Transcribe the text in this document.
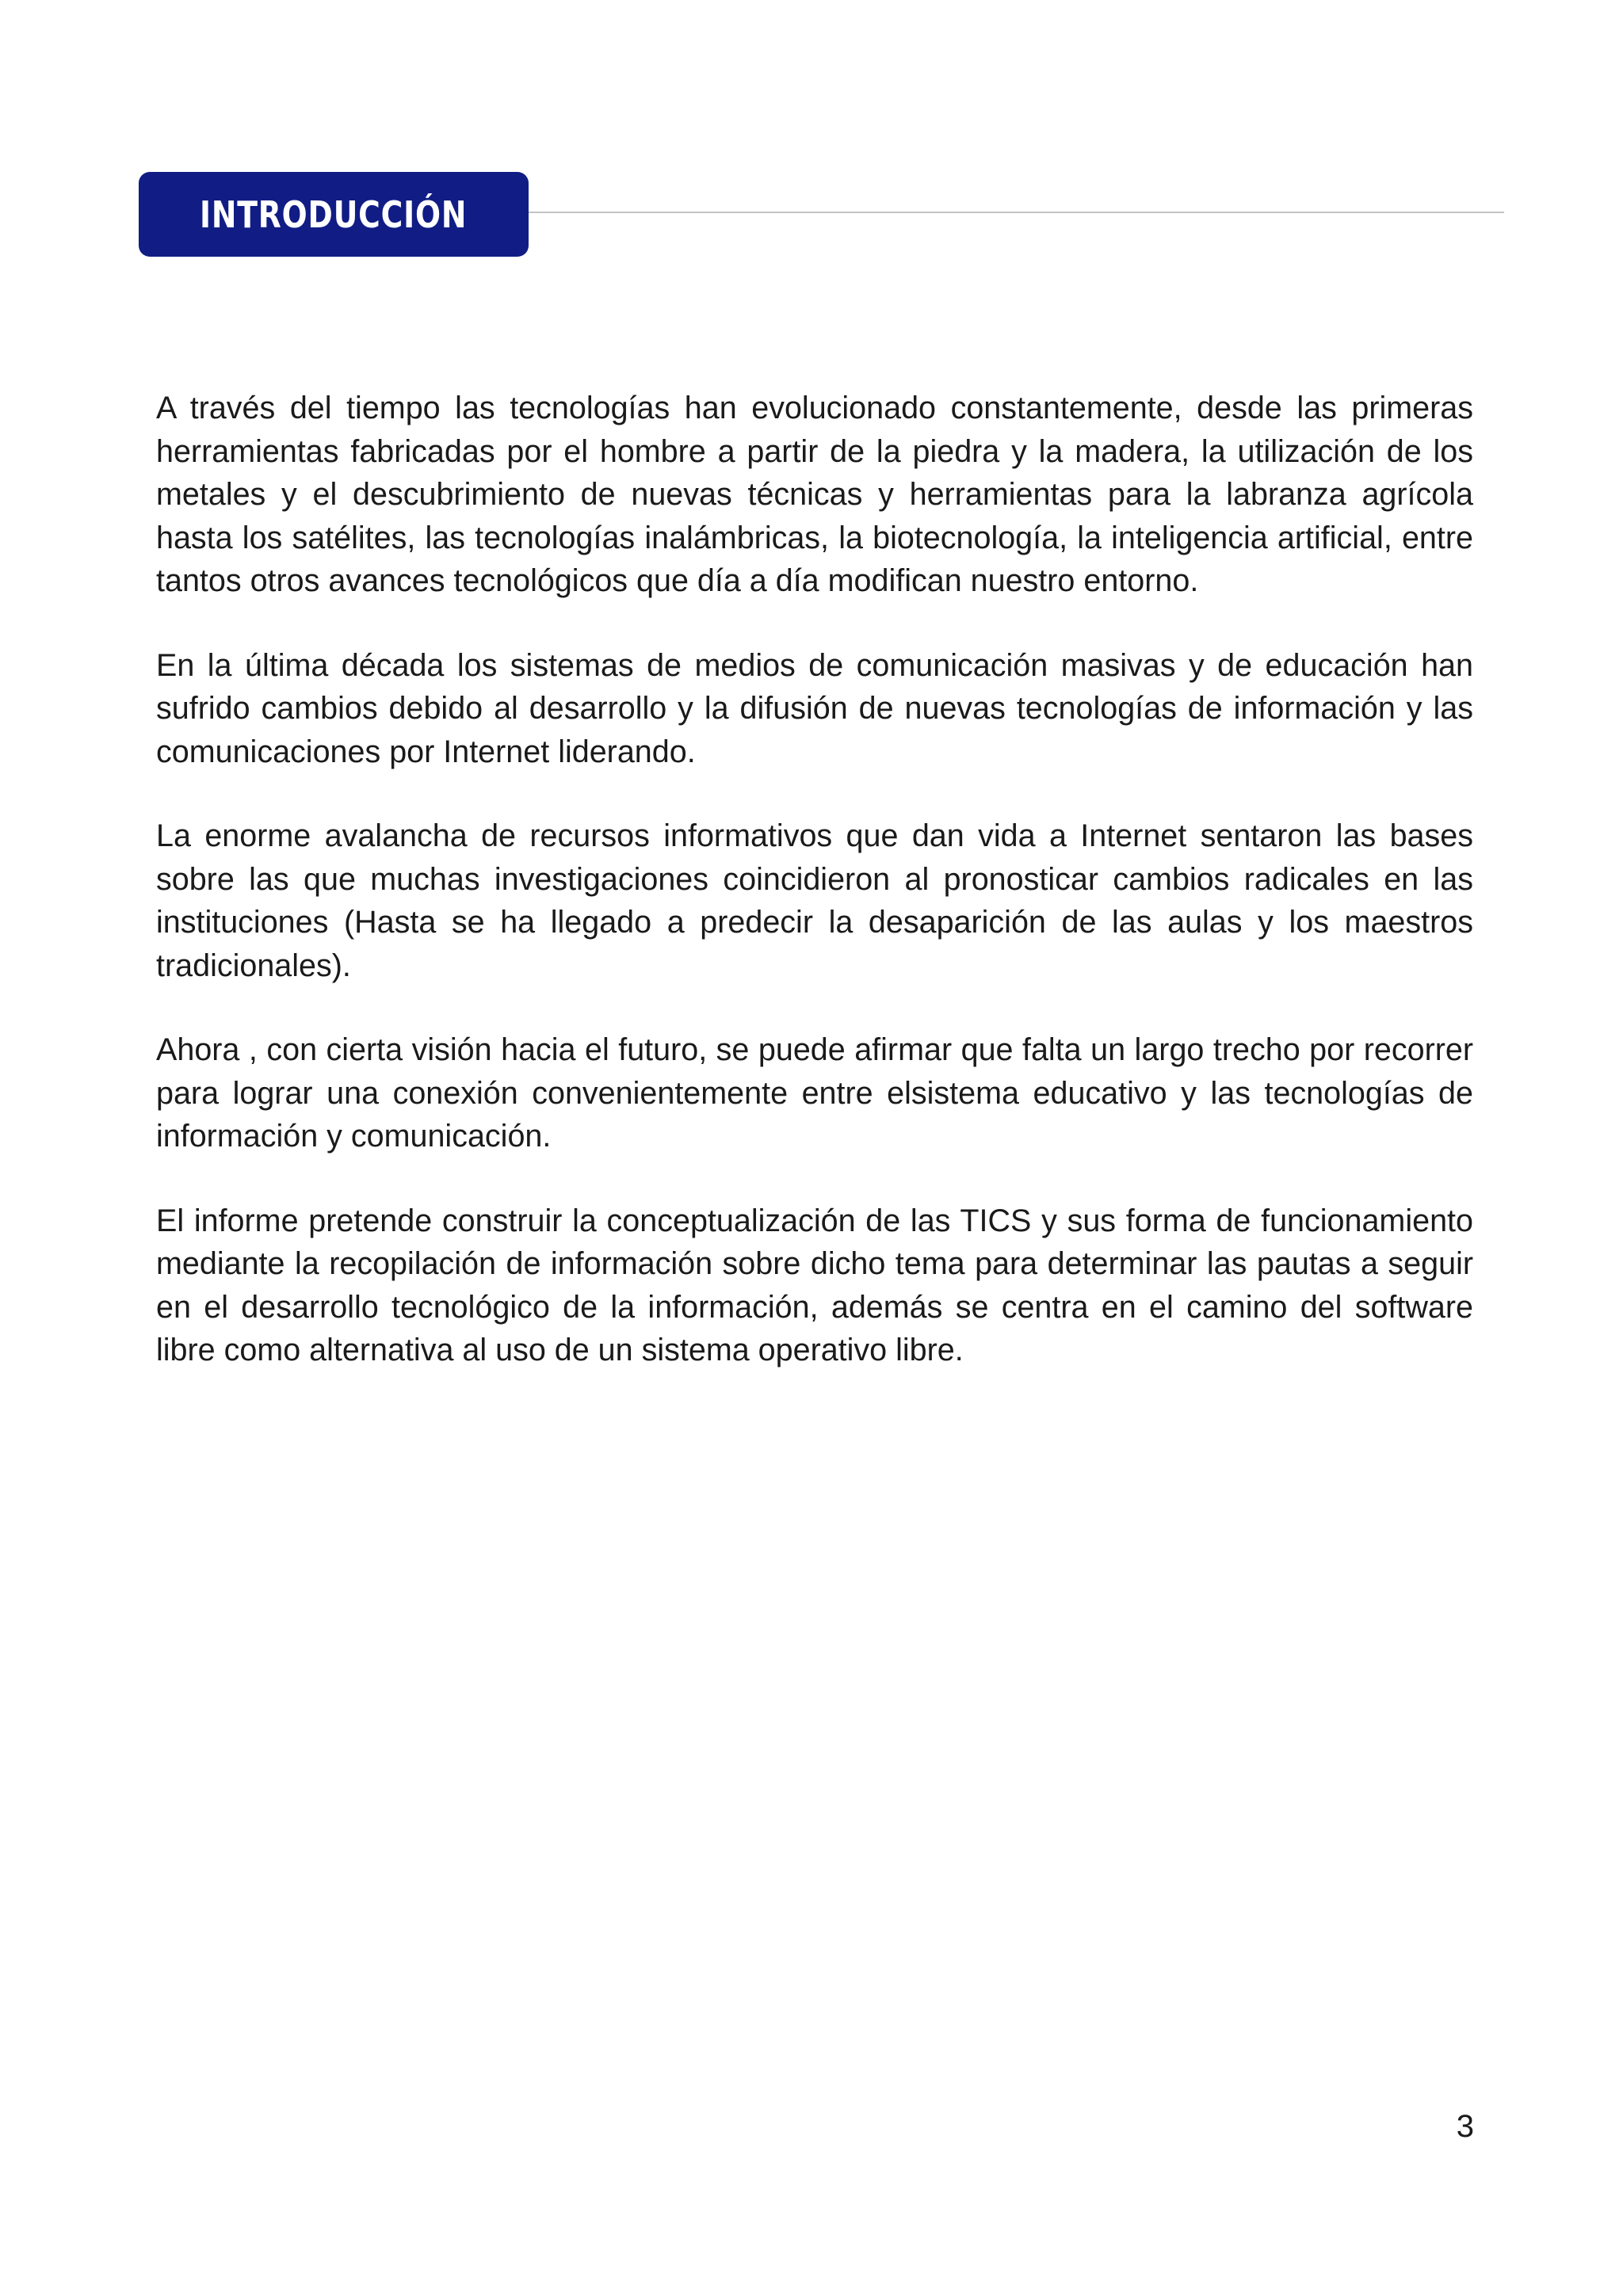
INTRODUCCIÓN

A través del tiempo las tecnologías han evolucionado constantemente, desde las primeras herramientas fabricadas por el hombre a partir de la piedra y la madera, la utilización de los metales y el descubrimiento de nuevas técnicas y herramientas para la labranza agrícola hasta los satélites, las tecnologías inalámbricas, la biotecnología, la inteligencia artificial, entre tantos otros avances tecnológicos que día a día modifican nuestro entorno.

En la última década los sistemas de medios de comunicación masivas y de educación han sufrido cambios debido al desarrollo y la difusión de nuevas tecnologías de información y las comunicaciones por Internet liderando.

La enorme avalancha de recursos informativos que dan vida a Internet sentaron las bases sobre las que muchas investigaciones coincidieron al pronosticar cambios radicales en las instituciones (Hasta se ha llegado a predecir la desaparición de las aulas y los maestros tradicionales).

Ahora , con cierta visión hacia el futuro, se puede afirmar que falta un largo trecho por recorrer para lograr una conexión convenientemente entre elsistema educativo y las tecnologías de información y comunicación.

El informe pretende construir la conceptualización de las TICS y sus forma de funcionamiento mediante la recopilación de información sobre dicho tema para determinar las pautas a seguir en el desarrollo tecnológico de la información, además se centra en el camino del software libre como alternativa al uso de un sistema operativo libre.

3
